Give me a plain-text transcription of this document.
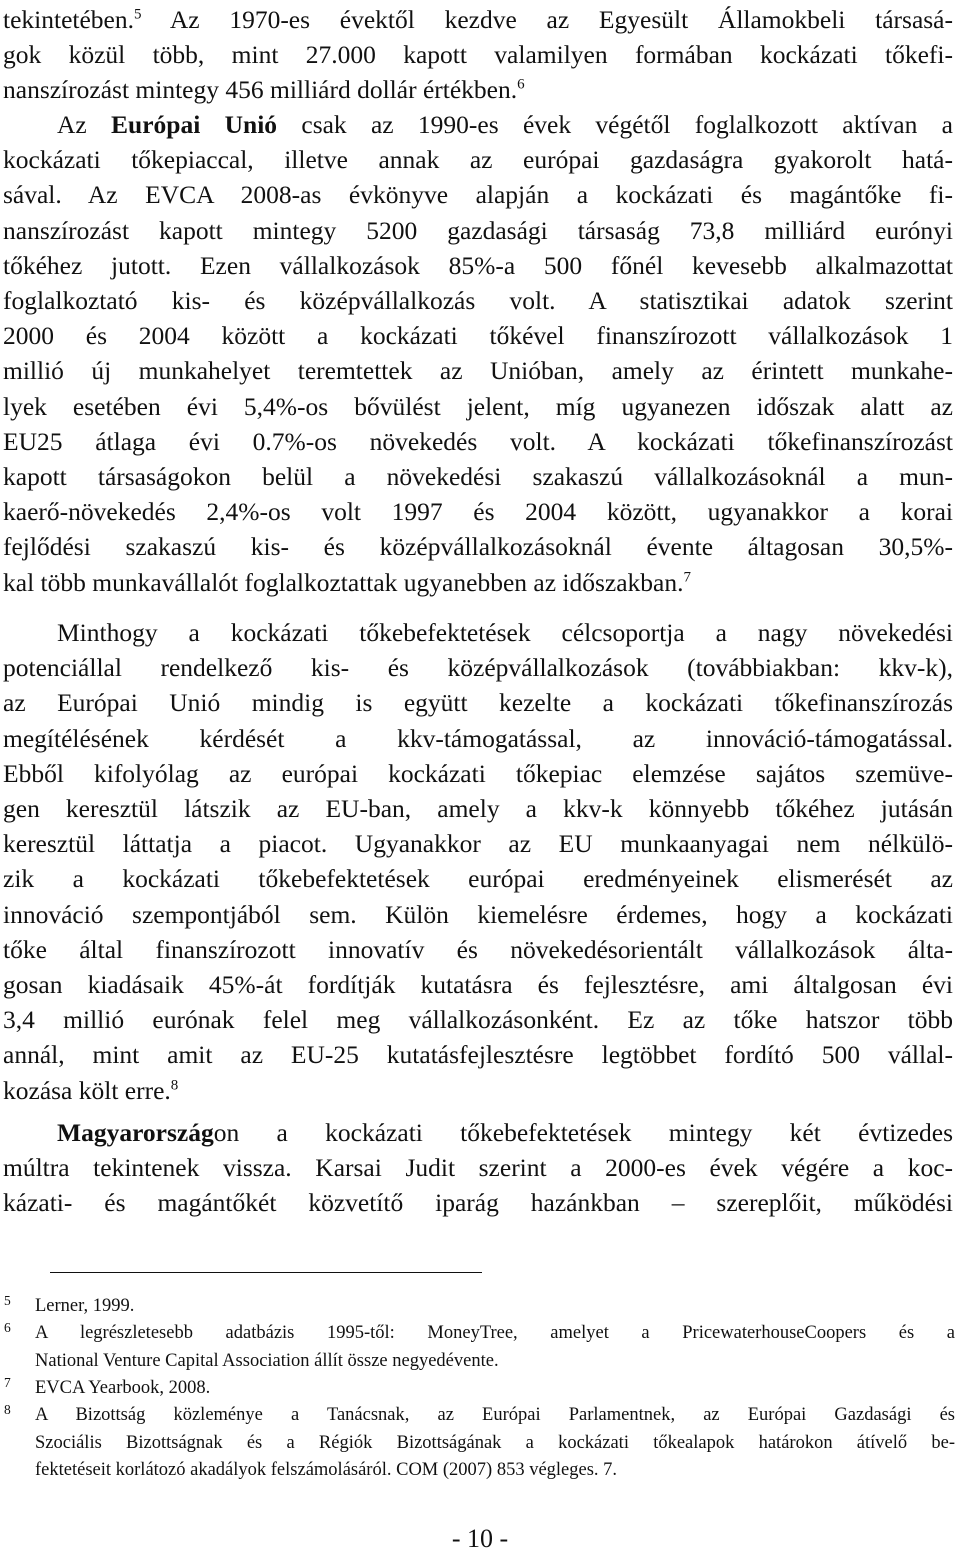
tekintetében.$^5$ Az 1970-es évektől kezdve az Egyesült Államokbeli társasá-
gok közül több, mint 27.000 kapott valamilyen formában kockázati tőkefi-
nanszírozást mintegy 456 milliárd dollár értékben.$^6$
Az Európai Unió csak az 1990-es évek végétől foglalkozott aktívan a
kockázati tőkepiaccal, illetve annak az európai gazdaságra gyakorolt hatá-
sával. Az EVCA 2008-as évkönyve alapján a kockázati és magántőke fi-
nanszírozást kapott mintegy 5200 gazdasági társaság 73,8 milliárd eurónyi
tőkéhez jutott. Ezen vállalkozások 85%-a 500 főnél kevesebb alkalmazottat
foglalkoztató kis- és középvállalkozás volt. A statisztikai adatok szerint
2000 és 2004 között a kockázati tőkével finanszírozott vállalkozások 1
millió új munkahelyet teremtettek az Unióban, amely az érintett munkahe-
lyek esetében évi 5,4%-os bővülést jelent, míg ugyanezen időszak alatt az
EU25 átlaga évi 0.7%-os növekedés volt. A kockázati tőkefinanszírozást
kapott társaságokon belül a növekedési szakaszú vállalkozásoknál a mun-
kaerő-növekedés 2,4%-os volt 1997 és 2004 között, ugyanakkor a korai
fejlődési szakaszú kis- és középvállalkozásoknál évente áltagosan 30,5%-
kal több munkavállalót foglalkoztattak ugyanebben az időszakban.$^7$
Minthogy a kockázati tőkebefektetések célcsoportja a nagy növekedési
potenciállal rendelkező kis- és középvállalkozások (továbbiakban: kkv-k),
az Európai Unió mindig is együtt kezelte a kockázati tőkefinanszírozás
megítélésének kérdését a kkv-támogatással, az innováció-támogatással.
Ebből kifolyólag az európai kockázati tőkepiac elemzése sajátos szemüve-
gen keresztül látszik az EU-ban, amely a kkv-k könnyebb tőkéhez jutásán
keresztül láttatja a piacot. Ugyanakkor az EU munkaanyagai nem nélkülö-
zik a kockázati tőkebefektetések európai eredményeinek elismerését az
innováció szempontjából sem. Külön kiemelésre érdemes, hogy a kockázati
tőke által finanszírozott innovatív és növekedésorientált vállalkozások álta-
gosan kiadásaik 45%-át fordítják kutatásra és fejlesztésre, ami általgosan évi
3,4 millió eurónak felel meg vállalkozásonként. Ez az tőke hatszor több
annál, mint amit az EU-25 kutatásfejlesztésre legtöbbet fordító 500 vállal-
kozása költ erre.$^8$
Magyarországon a kockázati tőkebefektetések mintegy két évtizedes
múltra tekintenek vissza. Karsai Judit szerint a 2000-es évek végére a koc-
kázati- és magántőkét közvetítő iparág hazánkban – szereplőit, működési
5 Lerner, 1999.
6 A legrészletesebb adatbázis 1995-től: MoneyTree, amelyet a PricewaterhouseCoopers és a
National Venture Capital Association állít össze negyedévente.
7 EVCA Yearbook, 2008.
8 A Bizottság közleménye a Tanácsnak, az Európai Parlamentnek, az Európai Gazdasági és
Szociális Bizottságnak és a Régiók Bizottságának a kockázati tőkealapok határokon átívelő be-
fektetéseit korlátozó akadályok felszámolásáról. COM (2007) 853 végleges. 7.
- 10 -
